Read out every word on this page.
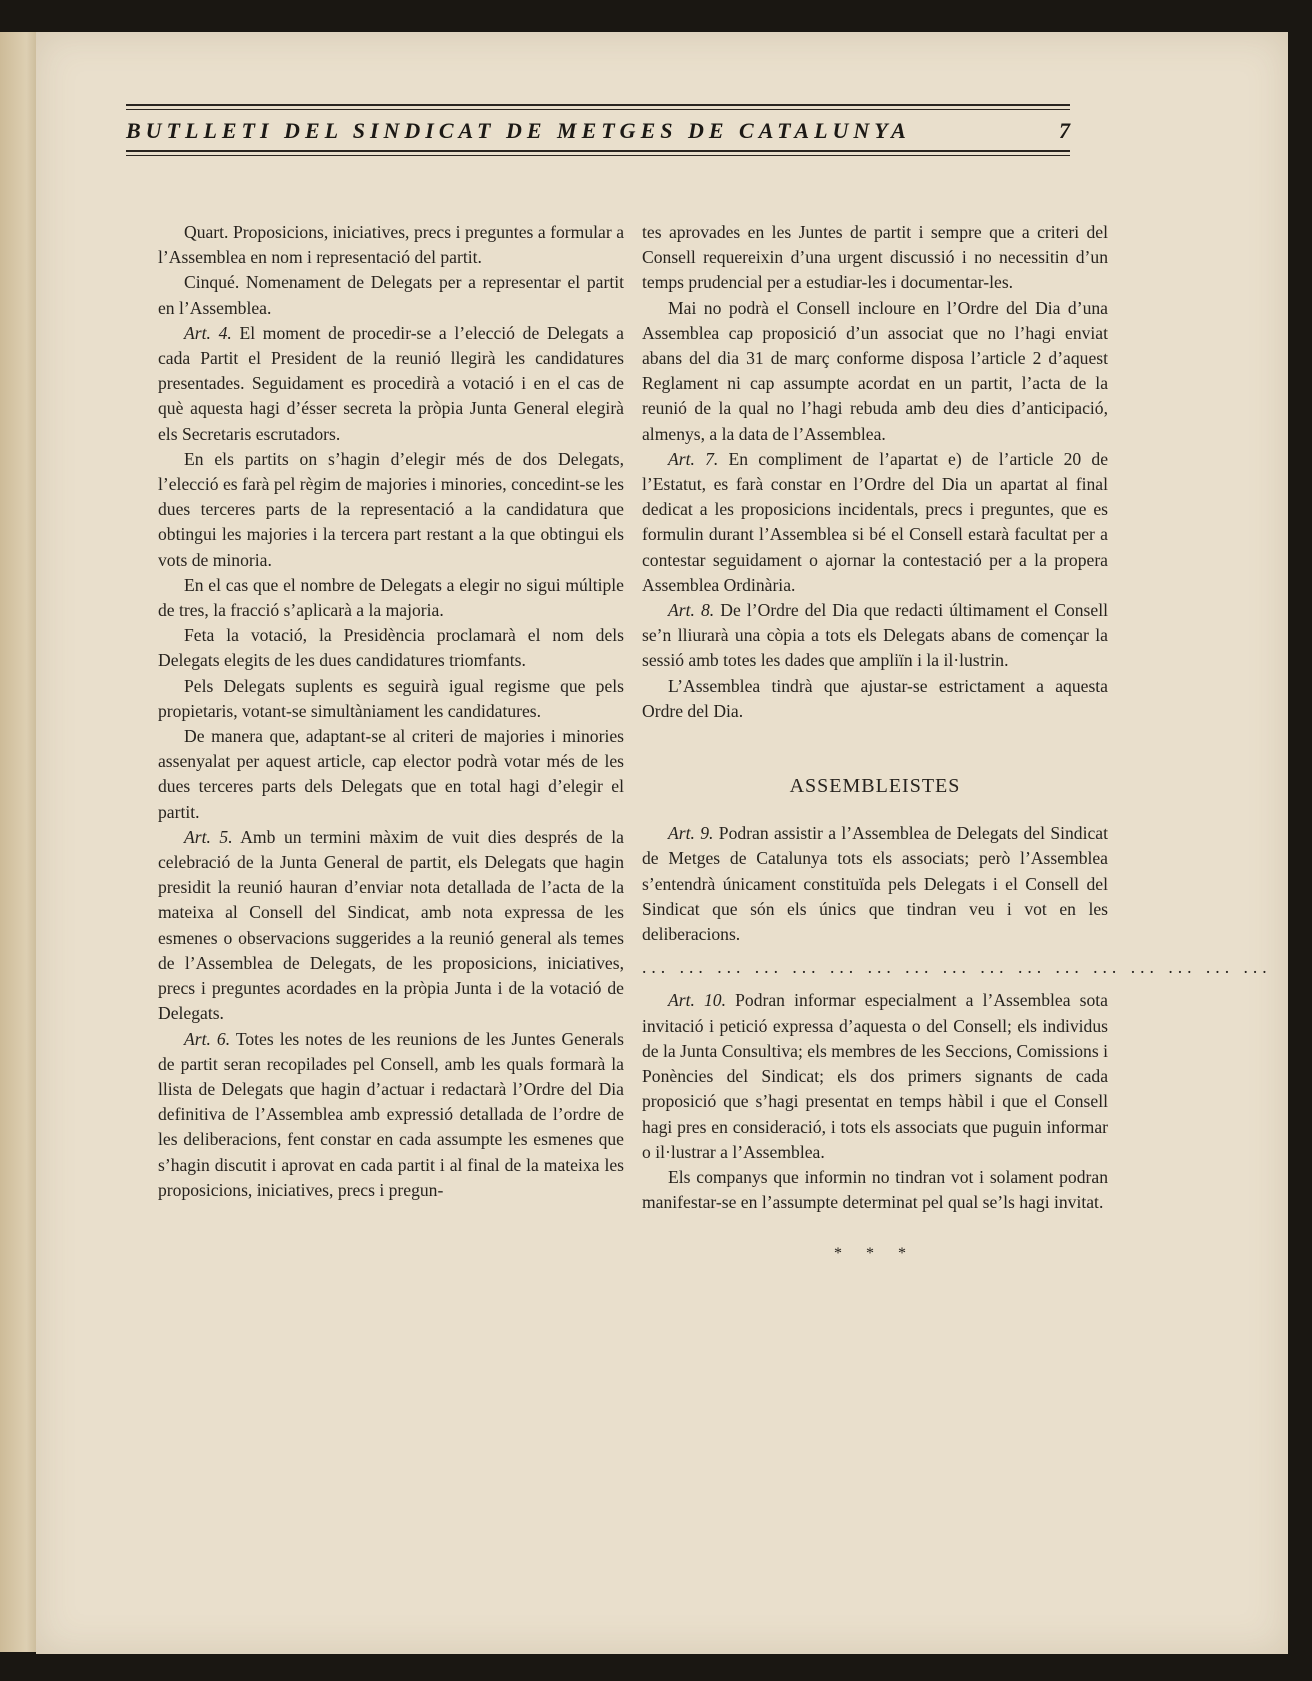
BUTLLETI DEL SINDICAT DE METGES DE CATALUNYA	7

Quart. Proposicions, iniciatives, precs i preguntes a formular a l’Assemblea en nom i representació del partit.

Cinqué. Nomenament de Delegats per a representar el partit en l’Assemblea.

Art. 4. El moment de procedir-se a l’elecció de Delegats a cada Partit el President de la reunió llegirà les candidatures presentades. Seguidament es procedirà a votació i en el cas de què aquesta hagi d’ésser secreta la pròpia Junta General elegirà els Secretaris escrutadors.

En els partits on s’hagin d’elegir més de dos Delegats, l’elecció es farà pel règim de majories i minories, concedint-se les dues terceres parts de la representació a la candidatura que obtingui les majories i la tercera part restant a la que obtingui els vots de minoria.

En el cas que el nombre de Delegats a elegir no sigui múltiple de tres, la fracció s’aplicarà a la majoria.

Feta la votació, la Presidència proclamarà el nom dels Delegats elegits de les dues candidatures triomfants.

Pels Delegats suplents es seguirà igual regisme que pels propietaris, votant-se simultàniament les candidatures.

De manera que, adaptant-se al criteri de majories i minories assenyalat per aquest article, cap elector podrà votar més de les dues terceres parts dels Delegats que en total hagi d’elegir el partit.

Art. 5. Amb un termini màxim de vuit dies després de la celebració de la Junta General de partit, els Delegats que hagin presidit la reunió hauran d’enviar nota detallada de l’acta de la mateixa al Consell del Sindicat, amb nota expressa de les esmenes o observacions suggerides a la reunió general als temes de l’Assemblea de Delegats, de les proposicions, iniciatives, precs i preguntes acordades en la pròpia Junta i de la votació de Delegats.

Art. 6. Totes les notes de les reunions de les Juntes Generals de partit seran recopilades pel Consell, amb les quals formarà la llista de Delegats que hagin d’actuar i redactarà l’Ordre del Dia definitiva de l’Assemblea amb expressió detallada de l’ordre de les deliberacions, fent constar en cada assumpte les esmenes que s’hagin discutit i aprovat en cada partit i al final de la mateixa les proposicions, iniciatives, precs i pregun-

tes aprovades en les Juntes de partit i sempre que a criteri del Consell requereixin d’una urgent discussió i no necessitin d’un temps prudencial per a estudiar-les i documentar-les.

Mai no podrà el Consell incloure en l’Ordre del Dia d’una Assemblea cap proposició d’un associat que no l’hagi enviat abans del dia 31 de març conforme disposa l’article 2 d’aquest Reglament ni cap assumpte acordat en un partit, l’acta de la reunió de la qual no l’hagi rebuda amb deu dies d’anticipació, almenys, a la data de l’Assemblea.

Art. 7. En compliment de l’apartat e) de l’article 20 de l’Estatut, es farà constar en l’Ordre del Dia un apartat al final dedicat a les proposicions incidentals, precs i preguntes, que es formulin durant l’Assemblea si bé el Consell estarà facultat per a contestar seguidament o ajornar la contestació per a la propera Assemblea Ordinària.

Art. 8. De l’Ordre del Dia que redacti últimament el Consell se’n lliurarà una còpia a tots els Delegats abans de començar la sessió amb totes les dades que ampliïn i la il·lustrin.

L’Assemblea tindrà que ajustar-se estrictament a aquesta Ordre del Dia.

ASSEMBLEISTES

Art. 9. Podran assistir a l’Assemblea de Delegats del Sindicat de Metges de Catalunya tots els associats; però l’Assemblea s’entendrà únicament constituïda pels Delegats i el Consell del Sindicat que són els únics que tindran veu i vot en les deliberacions.

... ... ... ... ... ... ... ... ... ... ... ... ... ... ... ... ...

Art. 10. Podran informar especialment a l’Assemblea sota invitació i petició expressa d’aquesta o del Consell; els individus de la Junta Consultiva; els membres de les Seccions, Comissions i Ponències del Sindicat; els dos primers signants de cada proposició que s’hagi presentat en temps hàbil i que el Consell hagi pres en consideració, i tots els associats que puguin informar o il·lustrar a l’Assemblea.

Els companys que informin no tindran vot i solament podran manifestar-se en l’assumpte determinat pel qual se’ls hagi invitat.

* * *
